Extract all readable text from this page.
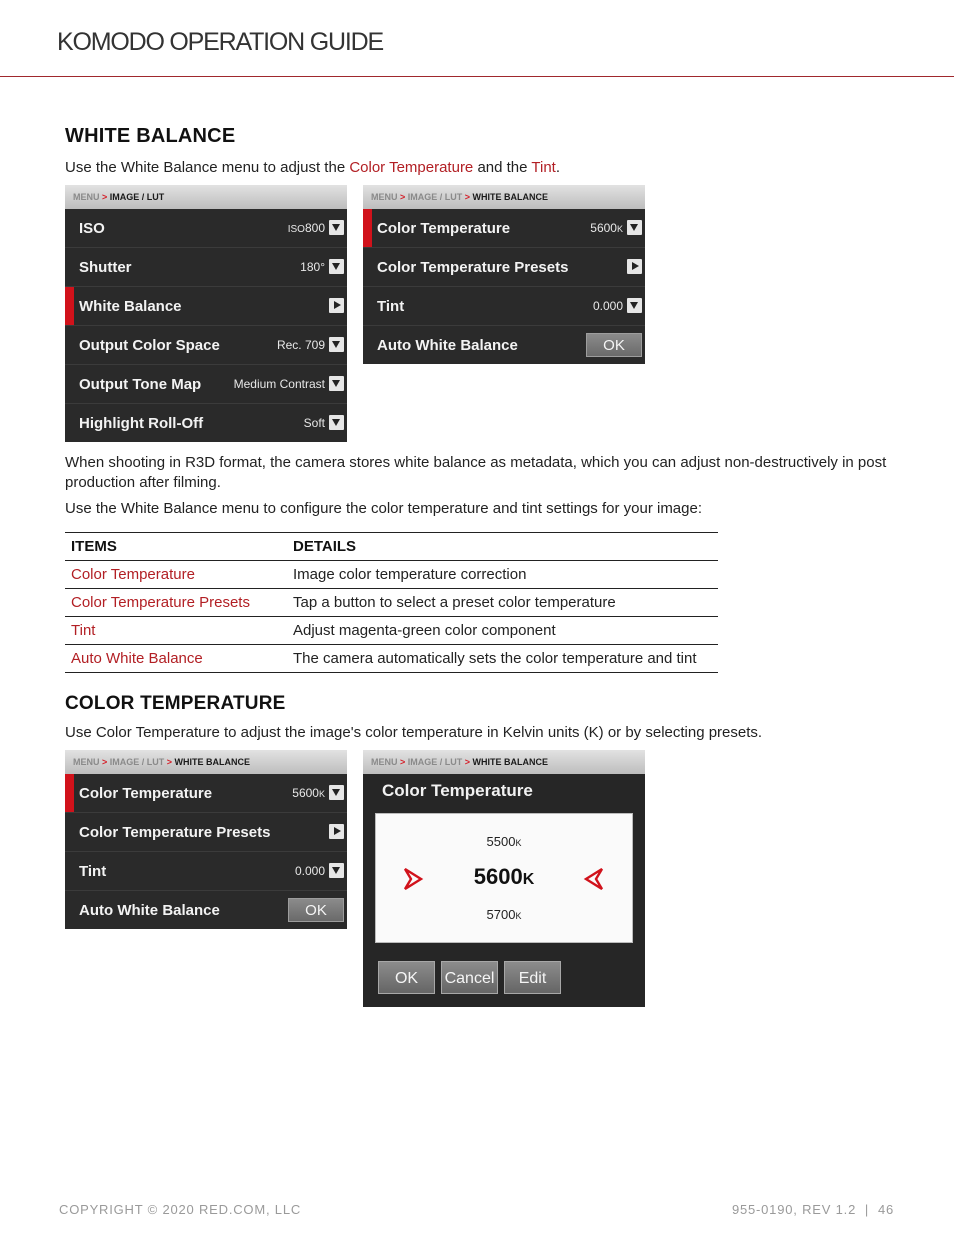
KOMODO OPERATION GUIDE
WHITE BALANCE
Use the White Balance menu to adjust the Color Temperature and the Tint.
MENU > IMAGE / LUT
ISO	ISO800
Shutter	180°
White Balance
Output Color Space	Rec. 709
Output Tone Map	Medium Contrast
Highlight Roll-Off	Soft
MENU > IMAGE / LUT > WHITE BALANCE
Color Temperature	5600K
Color Temperature Presets
Tint	0.000
Auto White Balance	OK
When shooting in R3D format, the camera stores white balance as metadata, which you can adjust non-destructively in post production after filming.
Use the White Balance menu to configure the color temperature and tint settings for your image:
ITEMS	DETAILS
Color Temperature	Image color temperature correction
Color Temperature Presets	Tap a button to select a preset color temperature
Tint	Adjust magenta-green color component
Auto White Balance	The camera automatically sets the color temperature and tint
COLOR TEMPERATURE
Use Color Temperature to adjust the image's color temperature in Kelvin units (K) or by selecting presets.
MENU > IMAGE / LUT > WHITE BALANCE
Color Temperature	5600K
Color Temperature Presets
Tint	0.000
Auto White Balance	OK
MENU > IMAGE / LUT > WHITE BALANCE
Color Temperature
5500K
5600K
5700K
OK	Cancel	Edit
COPYRIGHT © 2020 RED.COM, LLC	955-0190, REV 1.2  |  46
